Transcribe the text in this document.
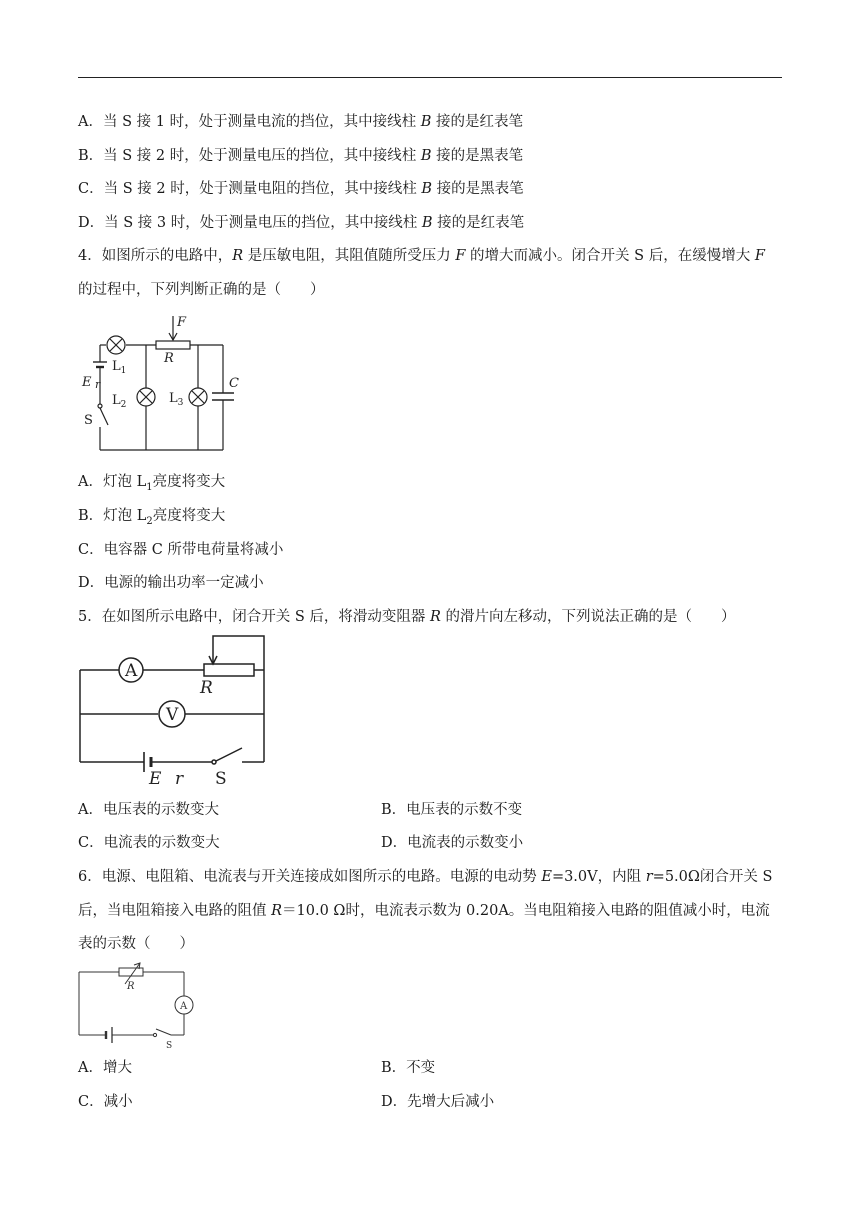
A．当 S 接 1 时，处于测量电流的挡位，其中接线柱 B 接的是红表笔
B．当 S 接 2 时，处于测量电压的挡位，其中接线柱 B 接的是黑表笔
C．当 S 接 2 时，处于测量电阻的挡位，其中接线柱 B 接的是黑表笔
D．当 S 接 3 时，处于测量电压的挡位，其中接线柱 B 接的是红表笔
4．如图所示的电路中，R 是压敏电阻，其阻值随所受压力 F 的增大而减小。闭合开关 S 后，在缓慢增大 F
的过程中，下列判断正确的是（　　）
F
R
$L_1$
$L_2$	$L_3$
C
E r
S
A．灯泡 $L_1$亮度将变大
B．灯泡 $L_2$亮度将变大
C．电容器 C 所带电荷量将减小
D．电源的输出功率一定减小
5．在如图所示电路中，闭合开关 S 后，将滑动变阻器 R 的滑片向左移动，下列说法正确的是（　　）
A
V
R
E r S
A．电压表的示数变大	B．电压表的示数不变
C．电流表的示数变大	D．电流表的示数变小
6．电源、电阻箱、电流表与开关连接成如图所示的电路。电源的电动势 E=3.0V，内阻 r=5.0Ω闭合开关 S
后，当电阻箱接入电路的阻值 R＝10.0 Ω时，电流表示数为 0.20A。当电阻箱接入电路的阻值减小时，电流
表的示数（　　）
R
A
S
A．增大	B．不变
C．减小	D．先增大后减小
